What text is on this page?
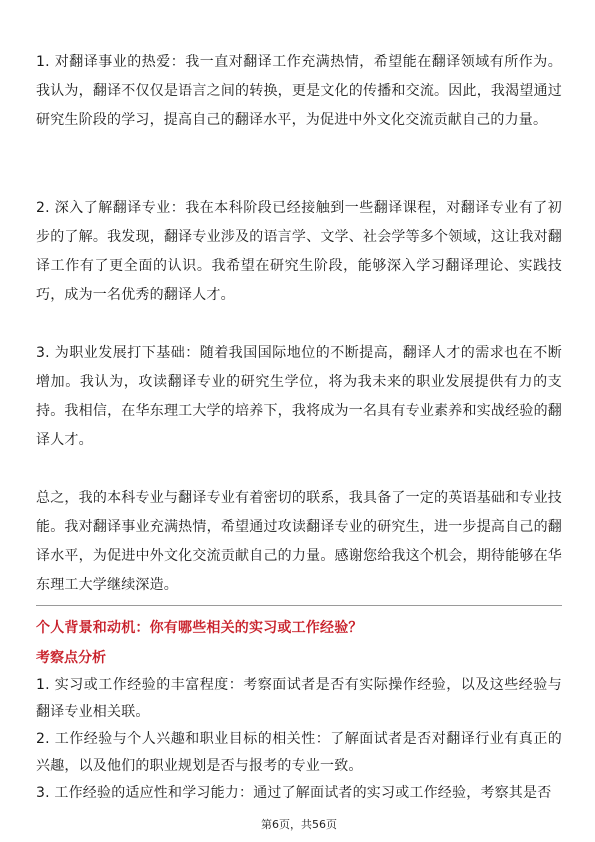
1. 对翻译事业的热爱：我一直对翻译工作充满热情，希望能在翻译领域有所作为。我认为，翻译不仅仅是语言之间的转换，更是文化的传播和交流。因此，我渴望通过研究生阶段的学习，提高自己的翻译水平，为促进中外文化交流贡献自己的力量。

2. 深入了解翻译专业：我在本科阶段已经接触到一些翻译课程，对翻译专业有了初步的了解。我发现，翻译专业涉及的语言学、文学、社会学等多个领域，这让我对翻译工作有了更全面的认识。我希望在研究生阶段，能够深入学习翻译理论、实践技巧，成为一名优秀的翻译人才。

3. 为职业发展打下基础：随着我国国际地位的不断提高，翻译人才的需求也在不断增加。我认为，攻读翻译专业的研究生学位，将为我未来的职业发展提供有力的支持。我相信，在华东理工大学的培养下，我将成为一名具有专业素养和实战经验的翻译人才。

总之，我的本科专业与翻译专业有着密切的联系，我具备了一定的英语基础和专业技能。我对翻译事业充满热情，希望通过攻读翻译专业的研究生，进一步提高自己的翻译水平，为促进中外文化交流贡献自己的力量。感谢您给我这个机会，期待能够在华东理工大学继续深造。

个人背景和动机：你有哪些相关的实习或工作经验？
考察点分析

1. 实习或工作经验的丰富程度：考察面试者是否有实际操作经验，以及这些经验与翻译专业相关联。

2. 工作经验与个人兴趣和职业目标的相关性：了解面试者是否对翻译行业有真正的兴趣，以及他们的职业规划是否与报考的专业一致。

3. 工作经验的适应性和学习能力：通过了解面试者的实习或工作经验，考察其是否

第6页，共56页
